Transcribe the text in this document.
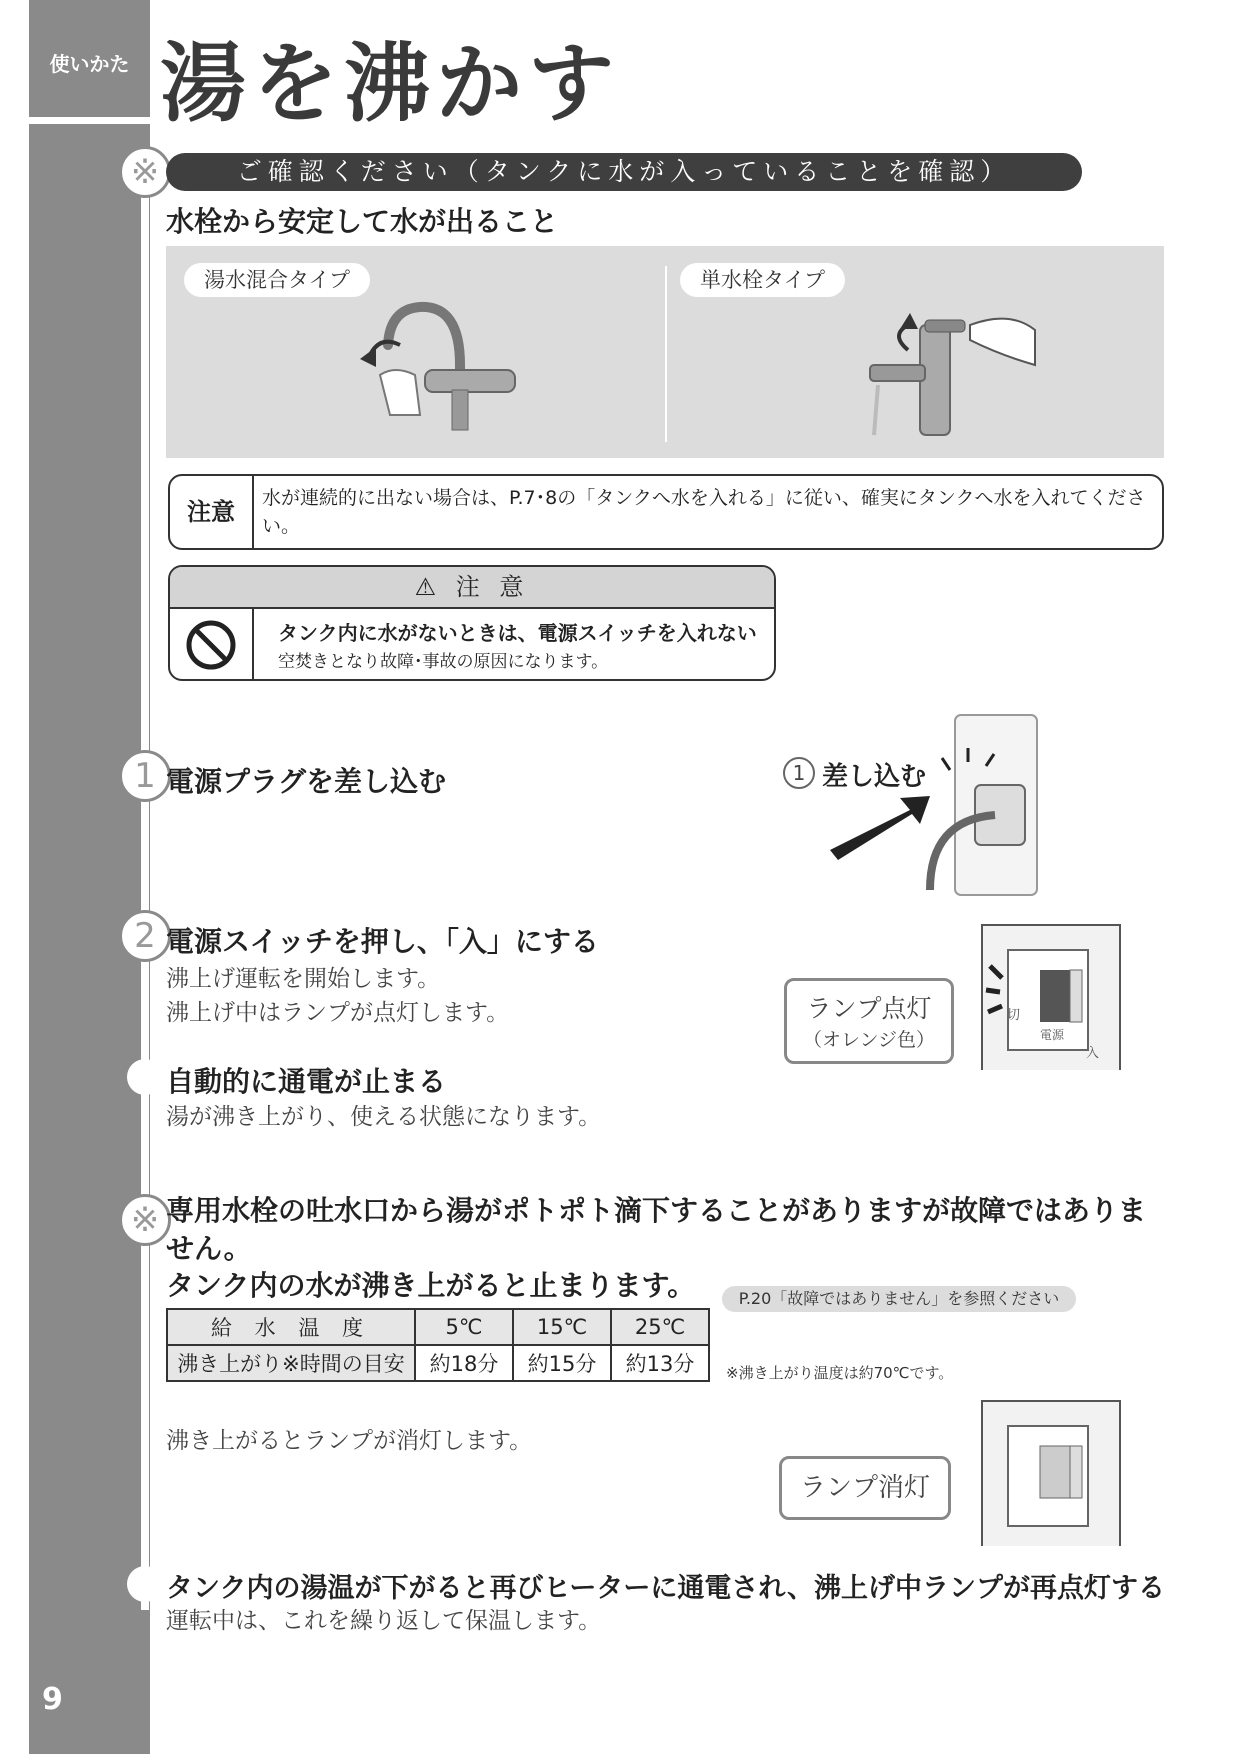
使いかた 湯を沸かす
※
1
2
※
ご確認ください（タンクに水が入っていることを確認）
水栓から安定して水が出ること
湯水混合タイプ	単水栓タイプ
注意	水が連続的に出ない場合は、P.7･8の「タンクへ水を入れる」に従い、確実にタンクへ水を入れてください。
⚠ 注 意
タンク内に水がないときは、電源スイッチを入れない
空焚きとなり故障･事故の原因になります。
電源プラグを差し込む	1 差し込む
電源スイッチを押し、「入」にする
沸上げ運転を開始します。
沸上げ中はランプが点灯します。	ランプ点灯
（オレンジ色）
切
電源
入
自動的に通電が止まる
湯が沸き上がり、使える状態になります。
専用水栓の吐水口から湯がポトポト滴下することがありますが故障ではありません。
タンク内の水が沸き上がると止まります。	P.20「故障ではありません」を参照ください
給 水 温 度	5℃	15℃	25℃
沸き上がり※時間の目安	約18分	約15分	約13分 ※沸き上がり温度は約70℃です。
沸き上がるとランプが消灯します。
ランプ消灯
タンク内の湯温が下がると再びヒーターに通電され、沸上げ中ランプが再点灯する
運転中は、これを繰り返して保温します。
9
